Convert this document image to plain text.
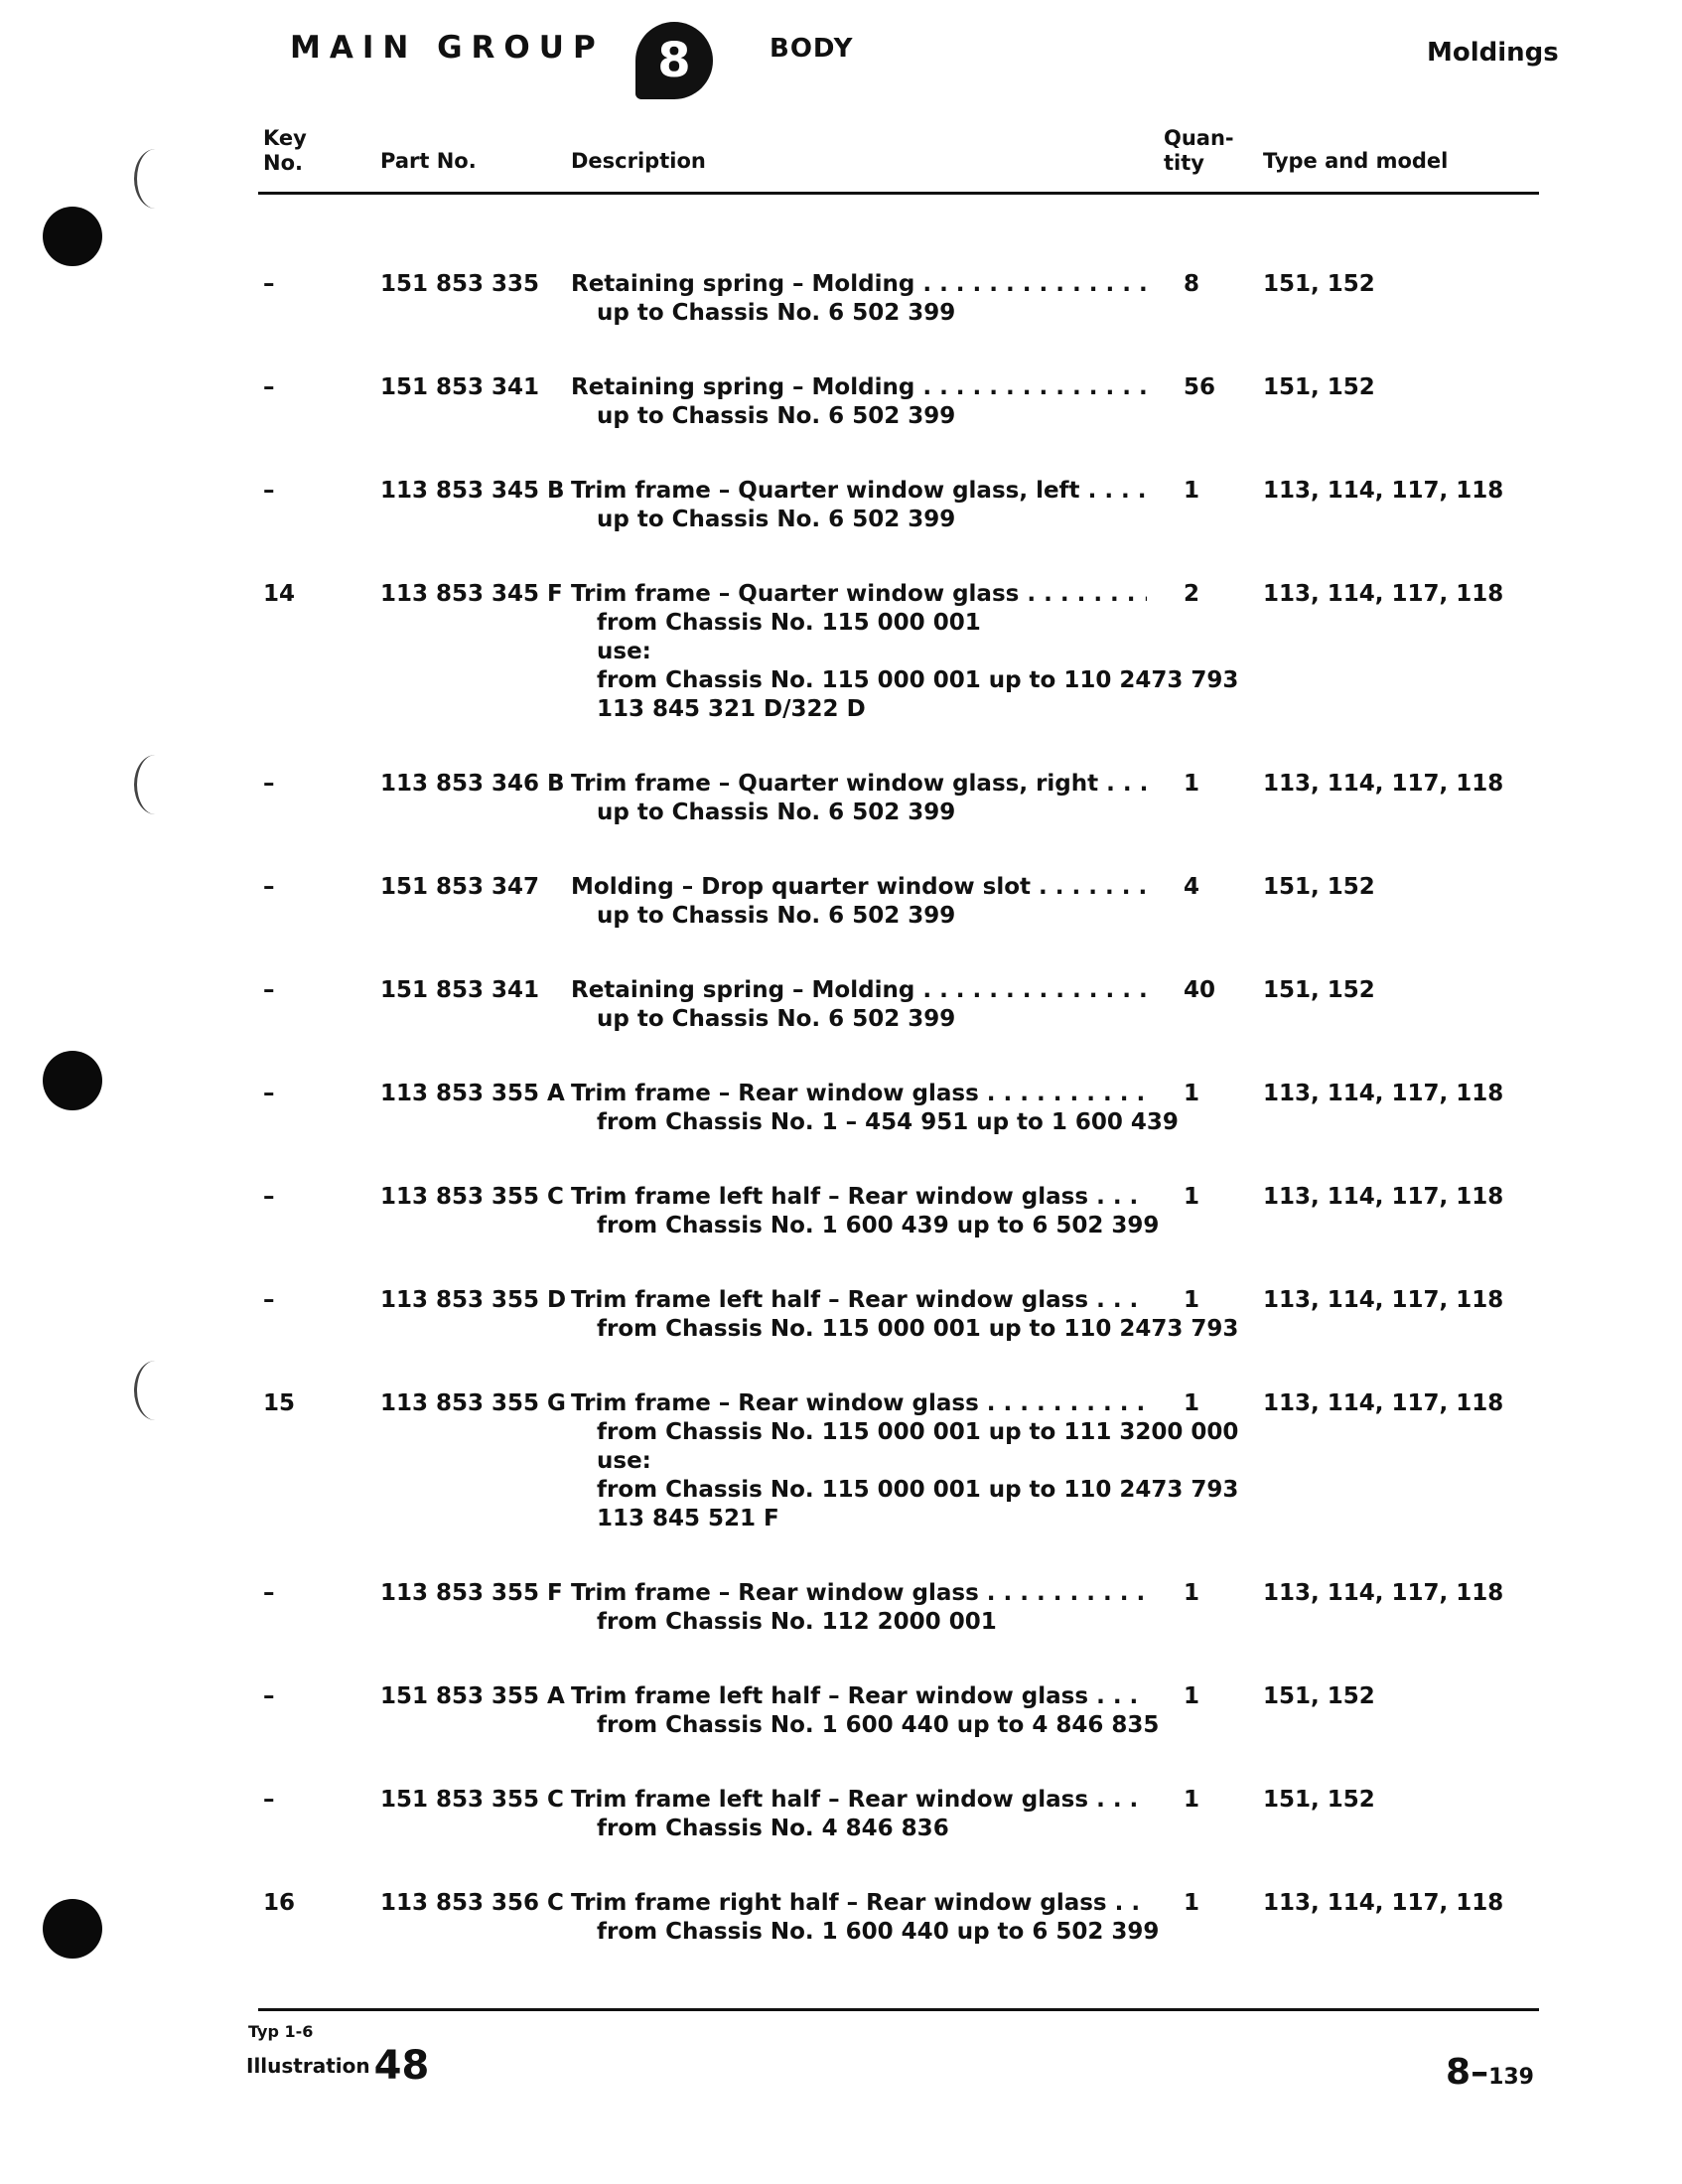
MAIN GROUP	8	BODY	Moldings
Key
No.	Part No.	Description
Quan-
tity	Type and model
–	151 853 335 Retaining spring – Molding . . .
up to Chassis No. 6 502 399
8	151, 152
–	151 853 341 Retaining spring – Molding . . .
up to Chassis No. 6 502 399
56 151, 152
–	113 853 345 B Trim frame – Quarter window glass, left . . .
up to Chassis No. 6 502 399
1	113, 114, 117, 118
14	113 853 345 F Trim frame – Quarter window glass . . .
from Chassis No. 115 000 001
use:
from Chassis No. 115 000 001 up to 110 2473 793
113 845 321 D/322 D
2	113, 114, 117, 118
–	113 853 346 B Trim frame – Quarter window glass, right . . .
up to Chassis No. 6 502 399
1	113, 114, 117, 118
–	151 853 347 Molding – Drop quarter window slot . . .
up to Chassis No. 6 502 399
4	151, 152
–	151 853 341 Retaining spring – Molding . . .
up to Chassis No. 6 502 399
40 151, 152
–	113 853 355 A Trim frame – Rear window glass . . .
from Chassis No. 1 – 454 951 up to 1 600 439
1	113, 114, 117, 118
–	113 853 355 C Trim frame left half – Rear window glass . . .
from Chassis No. 1 600 439 up to 6 502 399
1	113, 114, 117, 118
–	113 853 355 D Trim frame left half – Rear window glass . . .
from Chassis No. 115 000 001 up to 110 2473 793
1	113, 114, 117, 118
15	113 853 355 G Trim frame – Rear window glass . . .
from Chassis No. 115 000 001 up to 111 3200 000
use:
from Chassis No. 115 000 001 up to 110 2473 793
113 845 521 F
1	113, 114, 117, 118
–	113 853 355 F Trim frame – Rear window glass . . .
from Chassis No. 112 2000 001
1	113, 114, 117, 118
–	151 853 355 A Trim frame left half – Rear window glass . . .
from Chassis No. 1 600 440 up to 4 846 835
1	151, 152
–	151 853 355 C Trim frame left half – Rear window glass . . .
from Chassis No. 4 846 836
1	151, 152
16	113 853 356 C Trim frame right half – Rear window glass . . .
from Chassis No. 1 600 440 up to 6 502 399
1	113, 114, 117, 118
Typ 1-6
Illustration 48	8–139
